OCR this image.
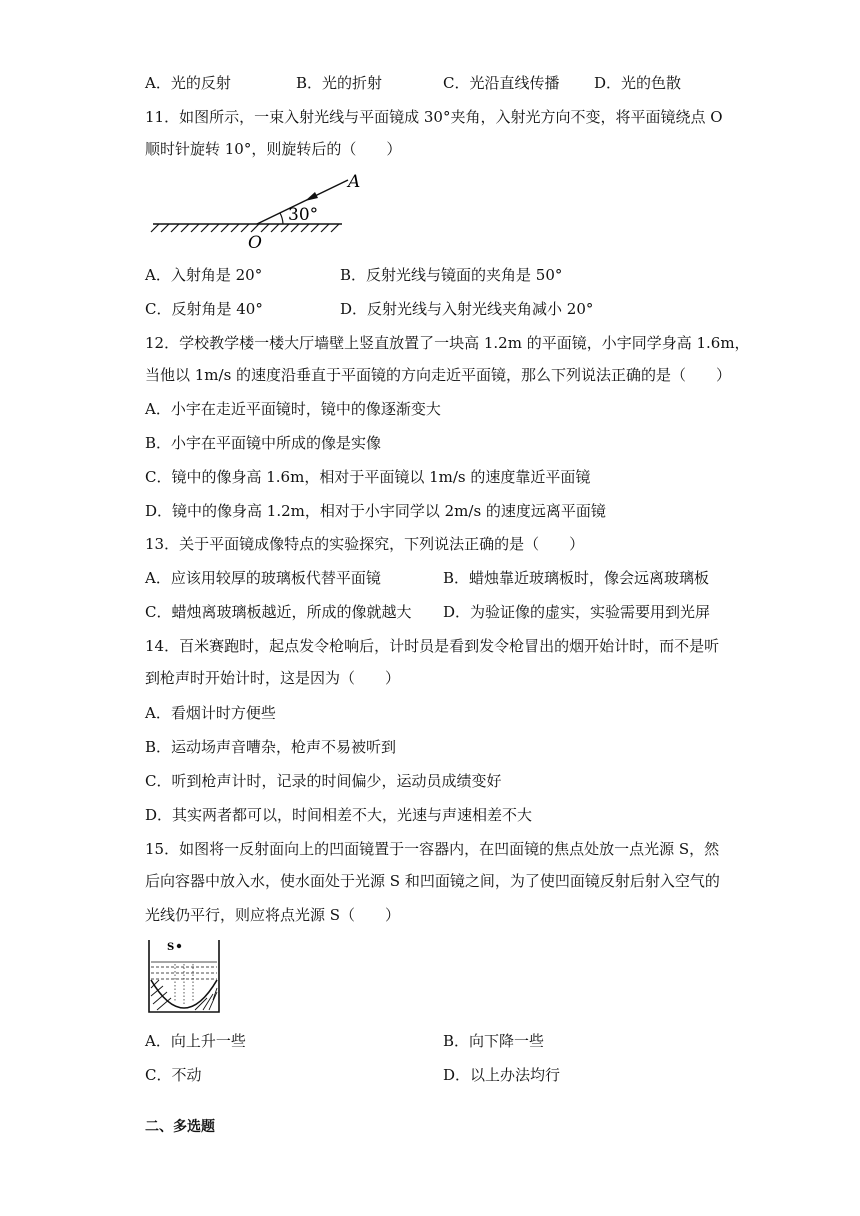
A．光的反射	B．光的折射	C．光沿直线传播 D．光的色散
11．如图所示，一束入射光线与平面镜成 30°夹角，入射光方向不变，将平面镜绕点 O
顺时针旋转 10°，则旋转后的（　　）
30°
A
O
A．入射角是 20°	B．反射光线与镜面的夹角是 50°
C．反射角是 40°	D．反射光线与入射光线夹角减小 20°
12．学校教学楼一楼大厅墙壁上竖直放置了一块高 1.2m 的平面镜，小宇同学身高 1.6m，
当他以 1m/s 的速度沿垂直于平面镜的方向走近平面镜，那么下列说法正确的是（　　）
A．小宇在走近平面镜时，镜中的像逐渐变大
B．小宇在平面镜中所成的像是实像
C．镜中的像身高 1.6m，相对于平面镜以 1m/s 的速度靠近平面镜
D．镜中的像身高 1.2m，相对于小宇同学以 2m/s 的速度远离平面镜
13．关于平面镜成像特点的实验探究，下列说法正确的是（　　）
A．应该用较厚的玻璃板代替平面镜	B．蜡烛靠近玻璃板时，像会远离玻璃板
C．蜡烛离玻璃板越近，所成的像就越大 D．为验证像的虚实，实验需要用到光屏
14．百米赛跑时，起点发令枪响后，计时员是看到发令枪冒出的烟开始计时，而不是听
到枪声时开始计时，这是因为（　　）
A．看烟计时方便些
B．运动场声音嘈杂，枪声不易被听到
C．听到枪声计时，记录的时间偏少，运动员成绩变好
D．其实两者都可以，时间相差不大，光速与声速相差不大
15．如图将一反射面向上的凹面镜置于一容器内，在凹面镜的焦点处放一点光源 S，然
后向容器中放入水，使水面处于光源 S 和凹面镜之间，为了使凹面镜反射后射入空气的
光线仍平行，则应将点光源 S（　　）
S
A．向上升一些	B．向下降一些
C．不动	D．以上办法均行
二、多选题
